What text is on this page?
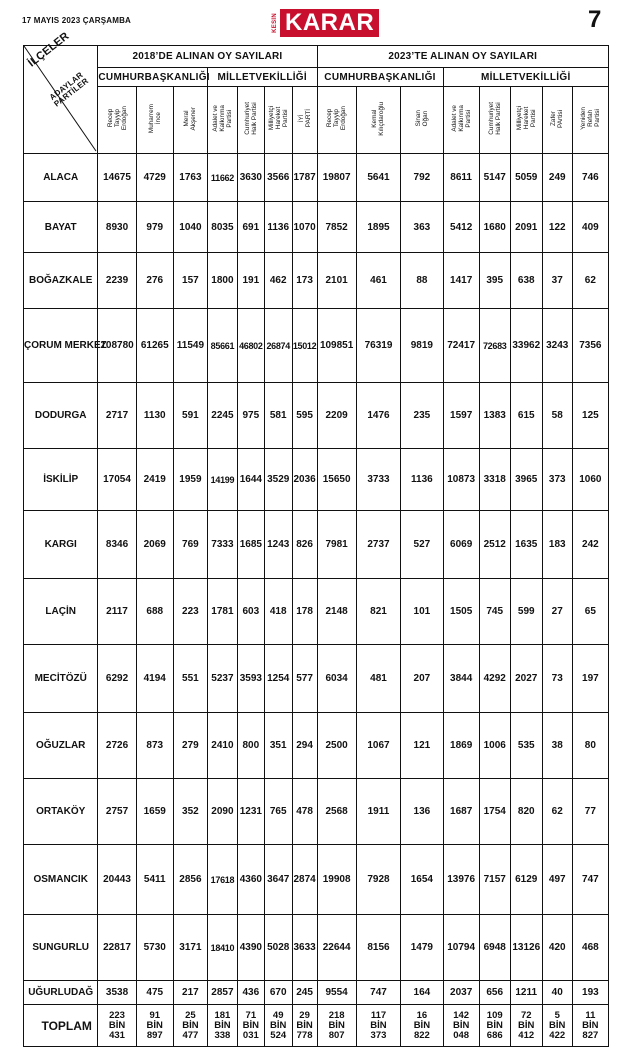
17 MAYIS 2023 ÇARŞAMBA	KESİN KARAR	7
İLÇELER
ADAYLAR
PARTİLER	2018’DE ALINAN OY SAYILARI							2023’TE ALINAN OY SAYILARI							
	CUMHURBAŞKANLIĞI			MİLLETVEKİLLİĞİ				CUMHURBAŞKANLIĞI			MİLLETVEKİLLİĞİ				
	Recep
Tayyip
Erdoğan	Muharrem
İnce	Meral
Akşener	Adalet ve
Kalkınma
Partisi	Cumhuriyet
Halk Partisi	Milliyetçi
Hareket
Partisi	İYİ
PARTİ	Recep
Tayyip
Erdoğan	Kemal
Kılıçdaroğlu	Sinan
Oğan	Adalet ve
Kalkınma
Partisi	Cumhuriyet
Halk Partisi	Milliyetçi
Hareket
Partisi	Zafer
PArtisi	Yeniden
Refah
Partisi
ALACA	14675	4729	1763	11662	3630	3566	1787	19807	5641	792	8611	5147	5059	249	746
BAYAT	8930	979	1040	8035	691	1136	1070	7852	1895	363	5412	1680	2091	122	409
BOĞAZKALE	2239	276	157	1800	191	462	173	2101	461	88	1417	395	638	37	62
ÇORUM MERKEZ	108780	61265	11549	85661	46802	26874	15012	109851	76319	9819	72417	72683	33962	3243	7356
DODURGA	2717	1130	591	2245	975	581	595	2209	1476	235	1597	1383	615	58	125
İSKİLİP	17054	2419	1959	14199	1644	3529	2036	15650	3733	1136	10873	3318	3965	373	1060
KARGI	8346	2069	769	7333	1685	1243	826	7981	2737	527	6069	2512	1635	183	242
LAÇİN	2117	688	223	1781	603	418	178	2148	821	101	1505	745	599	27	65
MECİTÖZÜ	6292	4194	551	5237	3593	1254	577	6034	481	207	3844	4292	2027	73	197
OĞUZLAR	2726	873	279	2410	800	351	294	2500	1067	121	1869	1006	535	38	80
ORTAKÖY	2757	1659	352	2090	1231	765	478	2568	1911	136	1687	1754	820	62	77
OSMANCIK	20443	5411	2856	17618	4360	3647	2874	19908	7928	1654	13976	7157	6129	497	747
SUNGURLU	22817	5730	3171	18410	4390	5028	3633	22644	8156	1479	10794	6948	13126	420	468
UĞURLUDAĞ	3538	475	217	2857	436	670	245	9554	747	164	2037	656	1211	40	193
TOPLAM	223
BİN
431	91
BİN
897	25
BİN
477	181
BİN
338	71
BİN
031	49
BİN
524	29
BİN
778	218
BİN
807	117
BİN
373	16
BİN
822	142
BİN
048	109
BİN
686	72
BİN
412	5
BİN
422	11
BİN
827
